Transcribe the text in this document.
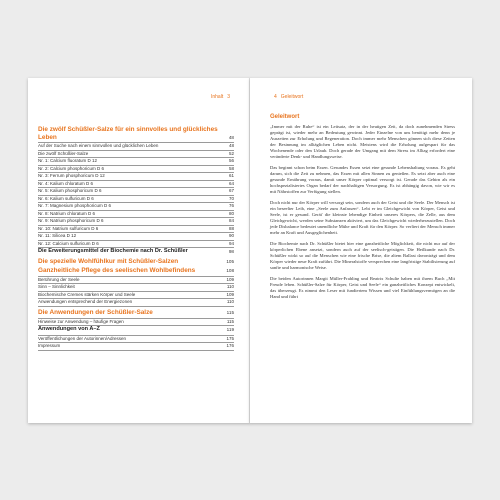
Inhalt 3
Die zwölf Schüßler-Salze für ein sinnvolles und glückliches Leben	48
Auf der Suche nach einem sinnvollen und glücklichen Leben	48
Die zwölf Schüßler-Salze	52
Nr. 1: Calcium fluoratum D 12	56
Nr. 2: Calcium phosphoricum D 6	58
Nr. 3: Ferrum phosphoricum D 12	61
Nr. 4: Kalium chloratum D 6	64
Nr. 5: Kalium phosphoricum D 6	67
Nr. 6: Kalium sulfuricum D 6	70
Nr. 7: Magnesium phosphoricum D 6	76
Nr. 8: Natrium chloratum D 6	80
Nr. 9: Natrium phosphoricum D 6	84
Nr. 10: Natrium sulfuricum D 6	88
Nr. 11: Silicea D 12	90
Nr. 12: Calcium sulfuricum D 6	94
Die Erweiterungsmittel der Biochemie nach Dr. Schüßler	98
Die spezielle Wohlfühlkur mit Schüßler-Salzen	105
Ganzheitliche Pflege des seelischen Wohlbefindens	108
Berührung der Seele	109
Sinn – Sinnlichkeit	110
Biochemische Cremes stärken Körper und Seele	109
Anwendungen entsprechend der Energiezonen	110
Die Anwendungen der Schüßler-Salze	115
Hinweise zur Anwendung – häufige Fragen	115
Anwendungen von A–Z	119
Veröffentlichungen der Autorinnen/Adressen	175
Impressum	176
4 Geleitwort
Geleitwort

„Immer mit der Ruhe“ ist ein Leitsatz, der in der heutigen Zeit, da doch zunehmenden Stress geprägt ist, wieder mehr an Bedeutung gewinnt. Jeder Einzelne von uns benötigt mehr denn je Auszeiten zur Erholung und Regeneration. Doch immer mehr Menschen gönnen sich diese Zeiten der Besinnung im alltäglichen Leben nicht. Meistens wird die Erholung aufgespart für das Wochenende oder den Urlaub. Doch gerade der Umgang mit dem Stress im Alltag erfordert eine veränderte Denk- und Handlungsweise.

Das beginnt schon beim Essen. Gesundes Essen setzt eine gesunde Lebenshaltung voraus. Es geht darum, sich die Zeit zu nehmen, das Essen mit allen Sinnen zu genießen. Es setzt aber auch eine gesunde Ernährung voraus, damit unser Körper optimal versorgt ist. Gerade das Gehirn als ein hochspezialisiertes Organ bedarf der nachhaltigen Versorgung. Es ist abhängig davon, wie wir es mit Nährstoffen zur Verfügung stellen.

Doch nicht nur der Körper will versorgt sein, sondern auch der Geist und die Seele. Der Mensch ist ein beseelter Leib, eine „Seele zum Anfassen“. Lebt er im Gleichgewicht von Körper, Geist und Seele, ist er gesund. Geräť die kleinste lebendige Einheit unseres Körpers, die Zelle, aus dem Gleichgewicht, werden seine Substanzen aktiviert, um das Gleichgewicht wiederherzustellen. Doch jede Disbalance bedeutet unendliche Mühe und Kraft für den Körper. So verliert der Mensch immer mehr an Kraft und Ausgeglichenheit.

Die Biochemie nach Dr. Schüßler bietet hier eine ganzheitliche Möglichkeit, die nicht nur auf der körperlichen Ebene ansetzt, sondern auch auf der seelisch-geistigen. Die Heilkunde nach Dr. Schüßler wirkt so auf die Menschen wie eine frische Brise, die altem Ballast davonträgt und dem Körper wieder neue Kraft zuführt. Die Mineralstoffe versprechen eine langfristige Stabilisierung auf sanfte und harmonische Weise.

Die beiden Autorinnen Margit Müller-Frahling und Beatrix Schulte haben mit ihrem Buch „Mit Freude leben. Schüßler-Salze für Körper, Geist und Seele“ ein ganzheitliches Konzept entwickelt, das überzeugt. Es nimmt den Leser mit fundiertem Wissen und viel Einfühlungsvermögen an die Hand und führt
